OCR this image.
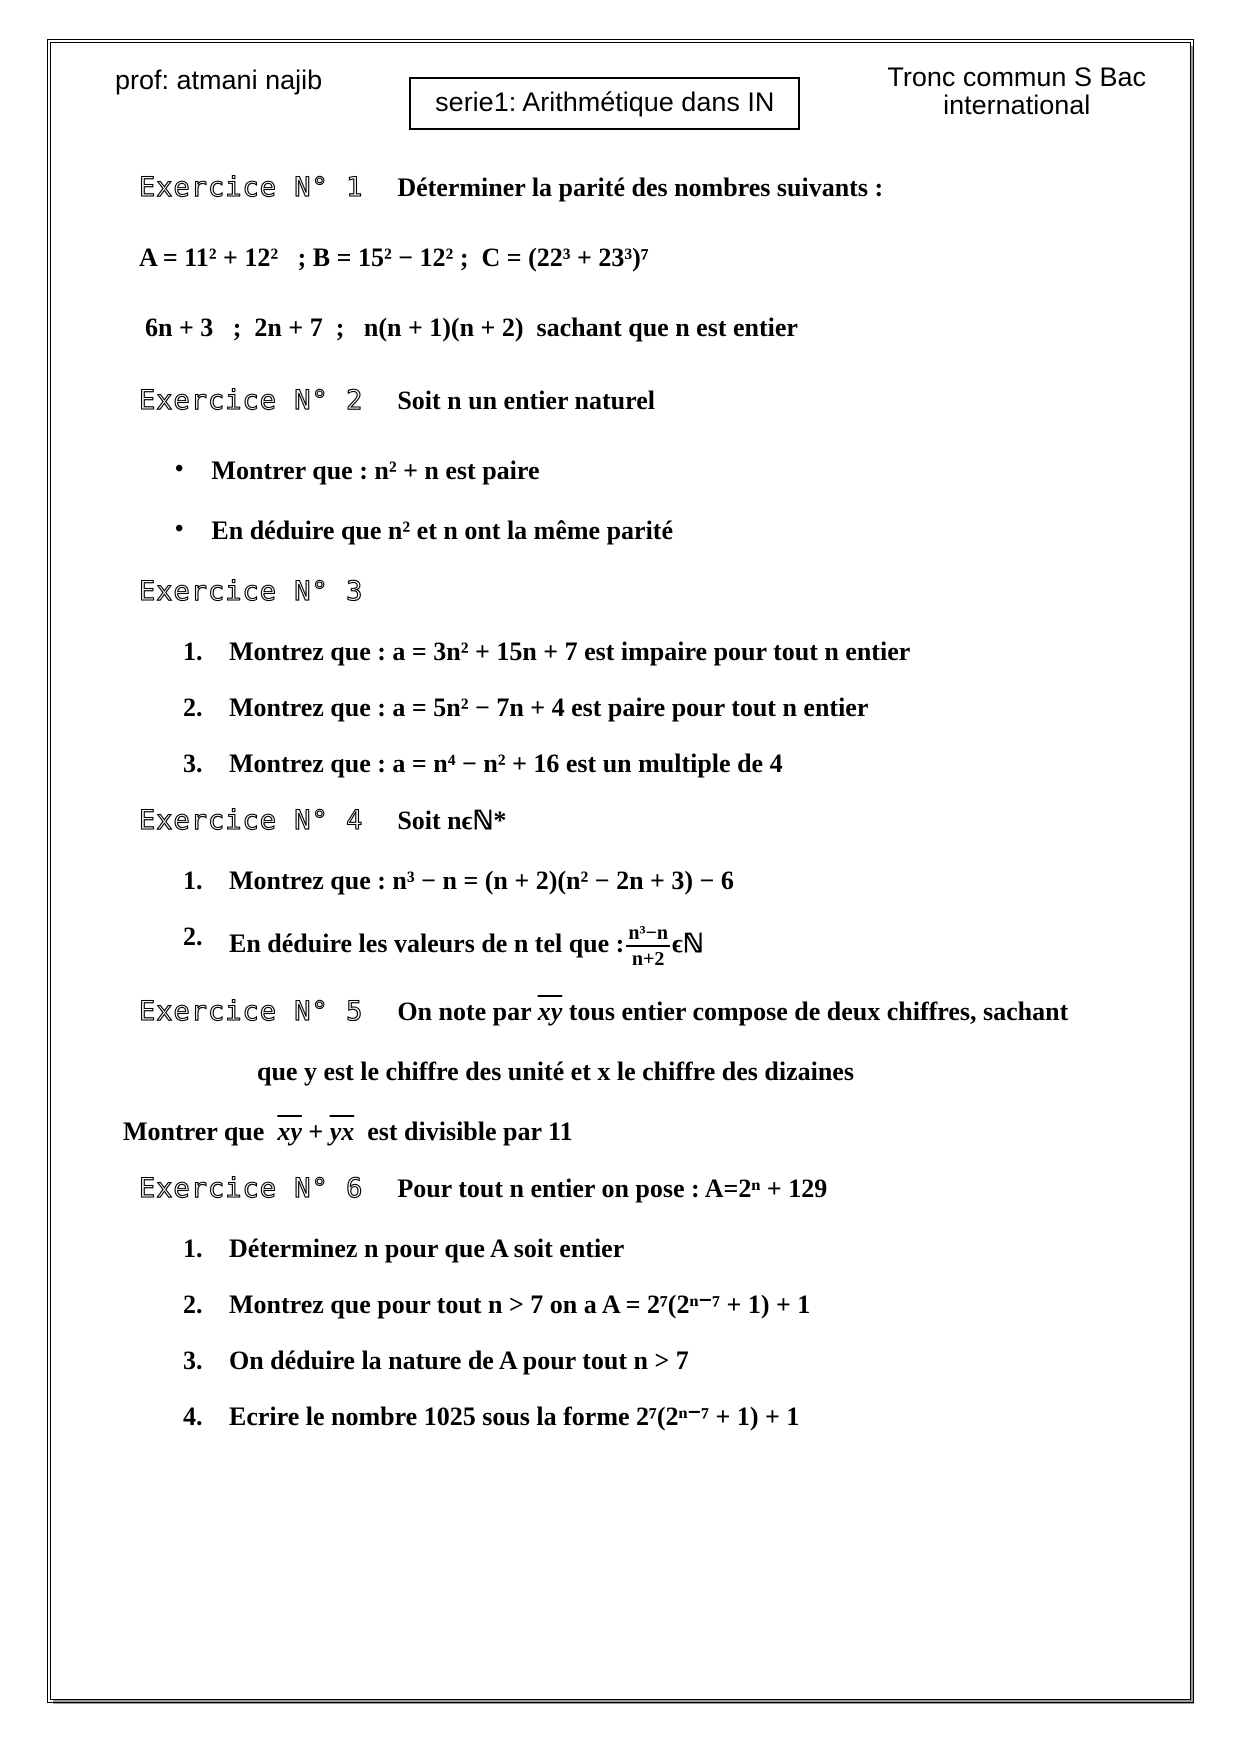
prof: atmani najib
serie1: Arithmétique dans IN
Tronc commun S Bac
international
Exercice N° 1 Déterminer la parité des nombres suivants :
A = 11² + 12²   ; B = 15² − 12² ;  C = (22³ + 23³)⁷
6n + 3   ;  2n + 7  ;   n(n + 1)(n + 2)  sachant que n est entier
Exercice N° 2 Soit n un entier naturel
• Montrer que : n² + n est paire
• En déduire que n² et n ont la même parité
Exercice N° 3
1.	Montrez que : a = 3n² + 15n + 7 est impaire pour tout n entier
2.	Montrez que : a = 5n² − 7n + 4 est paire pour tout n entier
3.	Montrez que : a = n⁴ − n² + 16 est un multiple de 4
Exercice N° 4 Soit nϵℕ*
1.	Montrez que : n³ − n = (n + 2)(n² − 2n + 3) − 6
2.	En déduire les valeurs de n tel que : $\frac{\text{n³−n}}{n+2}$ ϵℕ
Exercice N° 5 On note par $\overline{xy}$ tous entier compose de deux chiffres, sachant
que y est le chiffre des unité et x le chiffre des dizaines
Montrer que  $\overline{xy} + \overline{yx}$  est divisible par 11
Exercice N° 6 Pour tout n entier on pose : A=2ⁿ + 129
1.	Déterminez n pour que A soit entier
2.	Montrez que pour tout n > 7 on a A = 2⁷(2ⁿ⁻⁷ + 1) + 1
3.	On déduire la nature de A pour tout n > 7
4.	Ecrire le nombre 1025 sous la forme 2⁷(2ⁿ⁻⁷ + 1) + 1
